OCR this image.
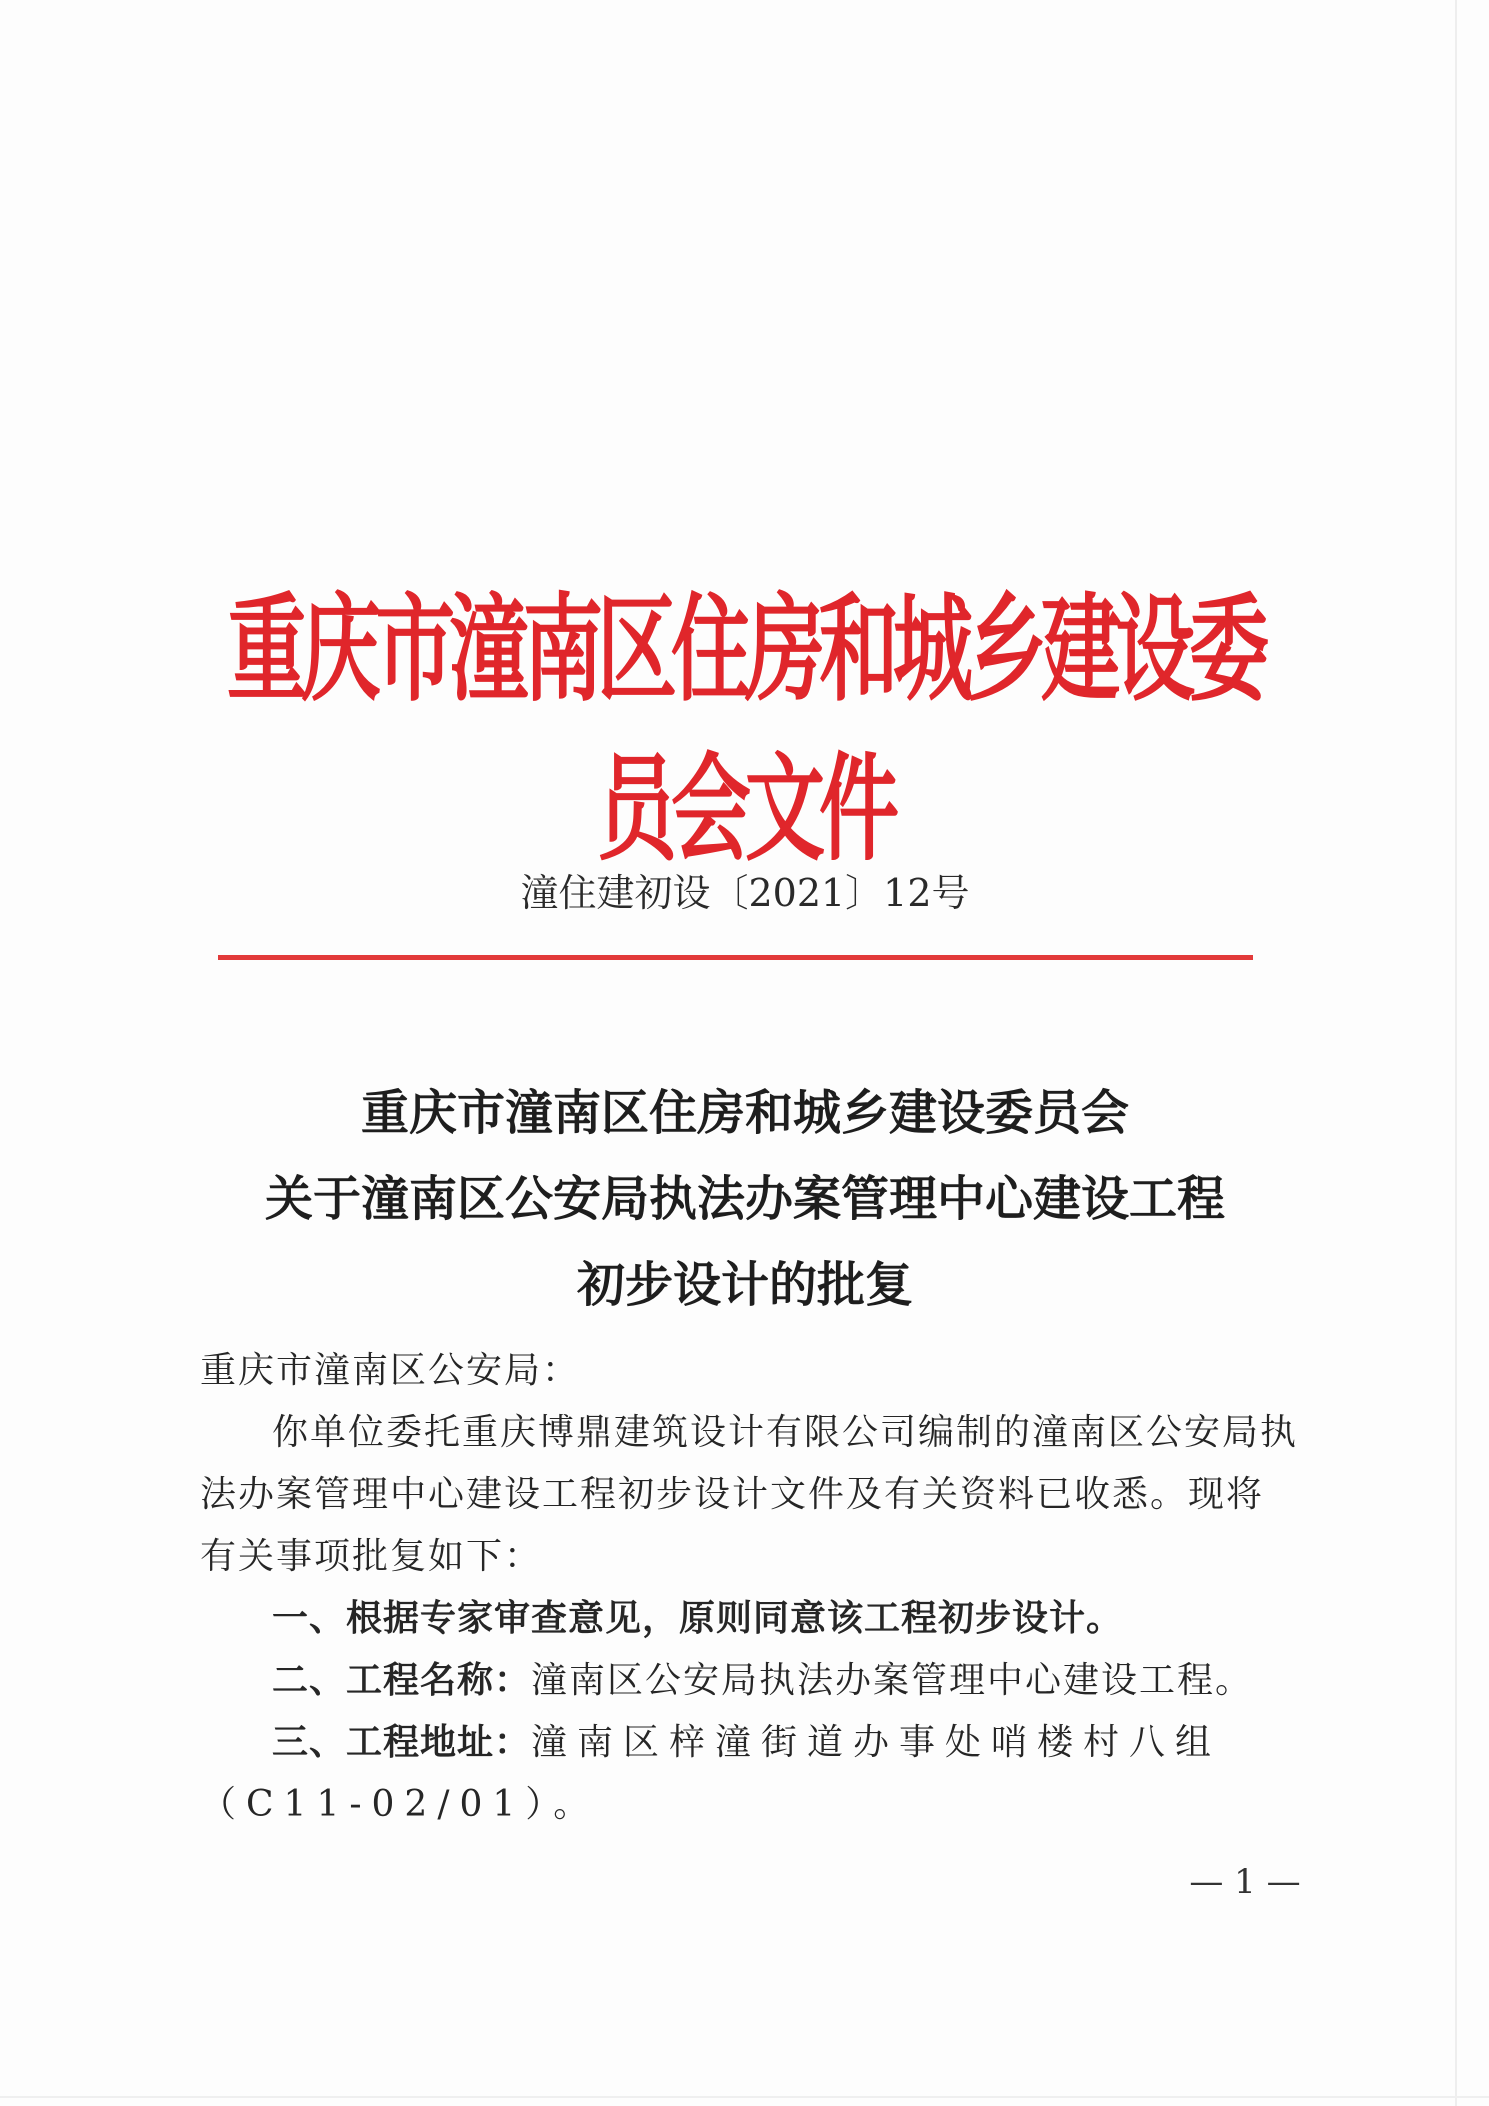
重庆市潼南区住房和城乡建设委员会文件
潼住建初设〔2021〕12号
重庆市潼南区住房和城乡建设委员会
关于潼南区公安局执法办案管理中心建设工程
初步设计的批复

重庆市潼南区公安局：

你单位委托重庆博鼎建筑设计有限公司编制的潼南区公安局执法办案管理中心建设工程初步设计文件及有关资料已收悉。现将有关事项批复如下：

一、根据专家审查意见，原则同意该工程初步设计。

二、工程名称：潼南区公安局执法办案管理中心建设工程。

三、工程地址：潼南区梓潼街道办事处哨楼村八组（C11-02/01）。

— 1 —
